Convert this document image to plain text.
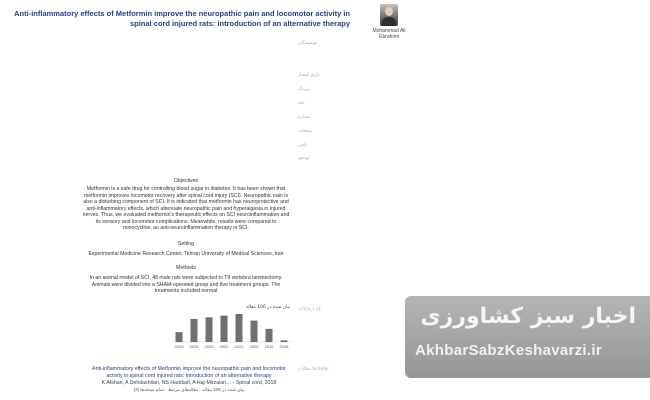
Anti-inflammatory effects of Metformin improve the neuropathic pain and locomotor activity in spinal cord injured rats: introduction of an alternative therapy
Mohammad Ali Ebrahimi
نویسندگان
تاریخ انتشار
ژورنال
جلد
شماره
صفحات
ناشر
توضیح
Objectives
Metformin is a safe drug for controlling blood sugar in diabetes. It has been shown that metformin improves locomotor recovery after spinal cord injury (SCI). Neuropathic pain is also a disturbing component of SCI. It is indicated that metformin has neuroprotective and anti-inflammatory effects, which attenuate neuropathic pain and hyperalgesia in injured nerves. Thus, we evaluated metformin's therapeutic effects on SCI neuroinflammation and its sensory and locomotor complications. Meanwhile, results were compared to minocycline, an anti-neuroinflammation therapy in SCI.
Setting
Experimental Medicine Research Center, Tehran University of Medical Sciences, Iran
Methods
In an animal model of SCI, 48 male rats were subjected to T9 vertebra laminectomy. Animals were divided into a SHAM-operated group and five treatment groups. The treatments included normal
کل ارجاعات
بیان شده در 106 مقاله
2025 2024 2023 2022 2021 2020 2019 2018
مقالات Scholar
Anti-inflammatory effects of Metformin improve the neuropathic pain and locomotor activity in spinal cord injured rats: introduction of an alternative therapy
K Afshari, A Dehdashtian, NS Haddadi, A Haj-Mirzaian… - Spinal cord, 2018
بیان شده در 106 مقاله - مقاله‌های مرتبط - تمام نسخه‌ها (3)
اخبار سبز کشاورزی
AkhbarSabzKeshavarzi.ir
